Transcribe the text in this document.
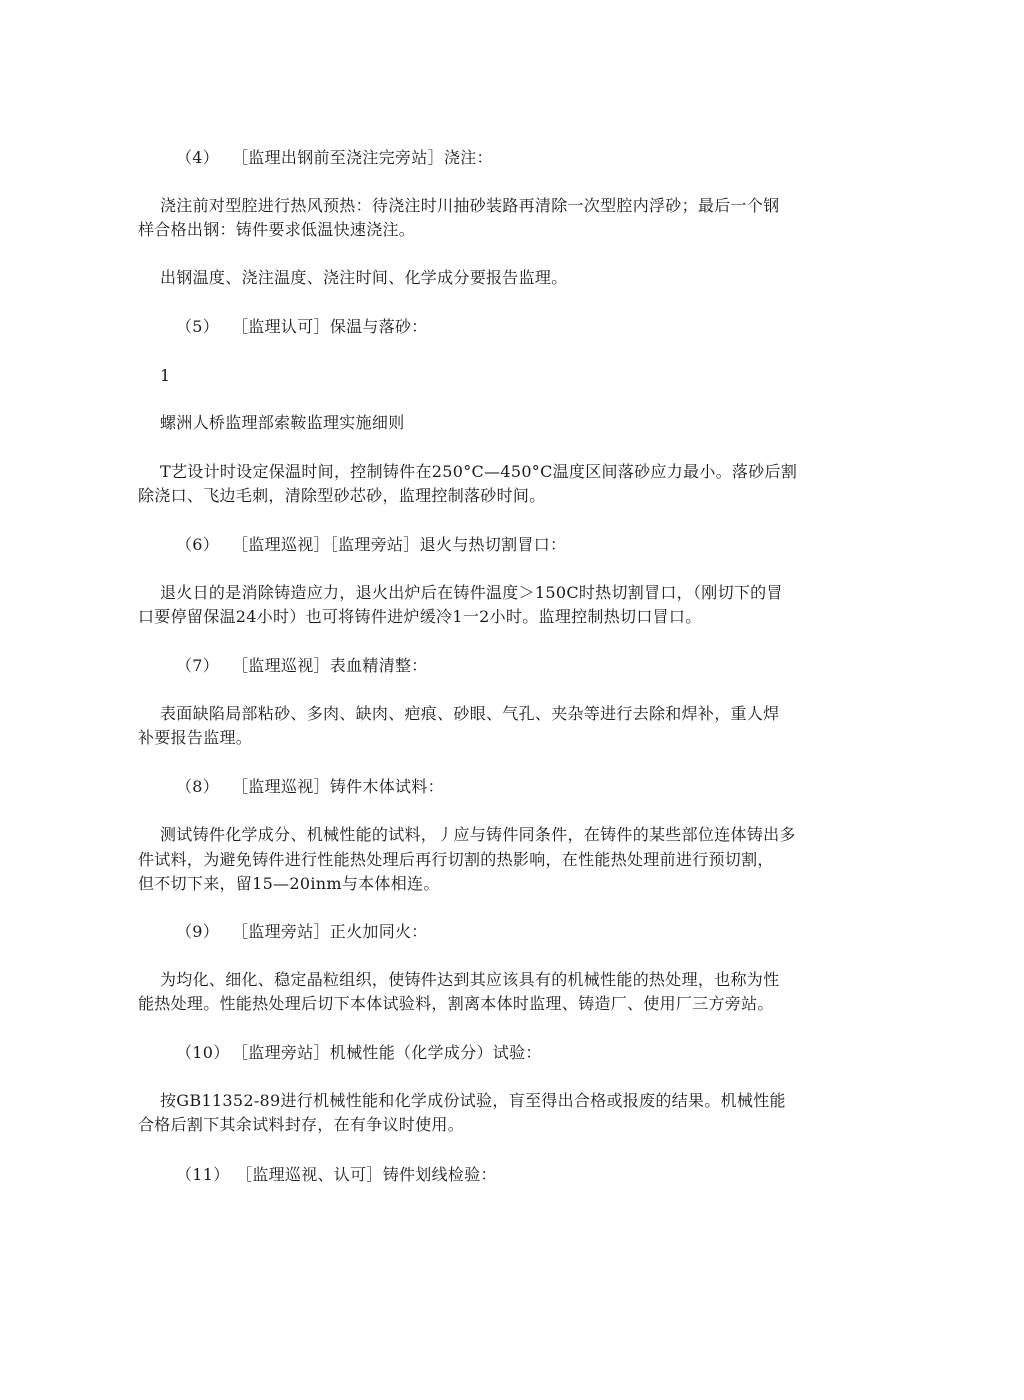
（4） ［监理出钢前至浇注完旁站］浇注：
浇注前对型腔进行热风预热：待浇注时川抽砂装路再清除一次型腔内浮砂；最后一个钢
样合格出钢：铸件要求低温快速浇注。
出钢温度、浇注温度、浇注时间、化学成分要报告监理。
（5） ［监理认可］保温与落砂：
1
螺洲人桥监理部索鞍监理实施细则
T艺设计时设定保温时间，控制铸件在250°C—450°C温度区间落砂应力最小。落砂后割
除浇口、飞边毛刺，清除型砂芯砂，监理控制落砂时间。
（6） ［监理巡视］［监理旁站］退火与热切割冒口：
退火日的是消除铸造应力，退火出炉后在铸件温度＞150C时热切割冒口，（刚切下的冒
口要停留保温24小时）也可将铸件进炉缓冷1一2小时。监理控制热切口冒口。
（7） ［监理巡视］表血精清整：
表面缺陷局部粘砂、多肉、缺肉、疤痕、砂眼、气孔、夹杂等进行去除和焊补，重人焊
补要报告监理。
（8） ［监理巡视］铸件木体试料：
测试铸件化学成分、机械性能的试料，丿应与铸件同条件，在铸件的某些部位连体铸出多
件试料，为避免铸件进行性能热处理后再行切割的热影响，在性能热处理前进行预切割，
但不切下来，留15—20inm与本体相连。
（9） ［监理旁站］正火加同火：
为均化、细化、稳定晶粒组织，使铸件达到其应该具有的机械性能的热处理，也称为性
能热处理。性能热处理后切下本体试验料，割离本体时监理、铸造厂、使用厂三方旁站。
（10） ［监理旁站］机械性能（化学成分）试验：
按GB11352-89进行机械性能和化学成份试验，肓至得出合格或报废的结果。机械性能
合格后割下其余试料封存，在有争议时使用。
（11） ［监理巡视、认可］铸件划线检验：
